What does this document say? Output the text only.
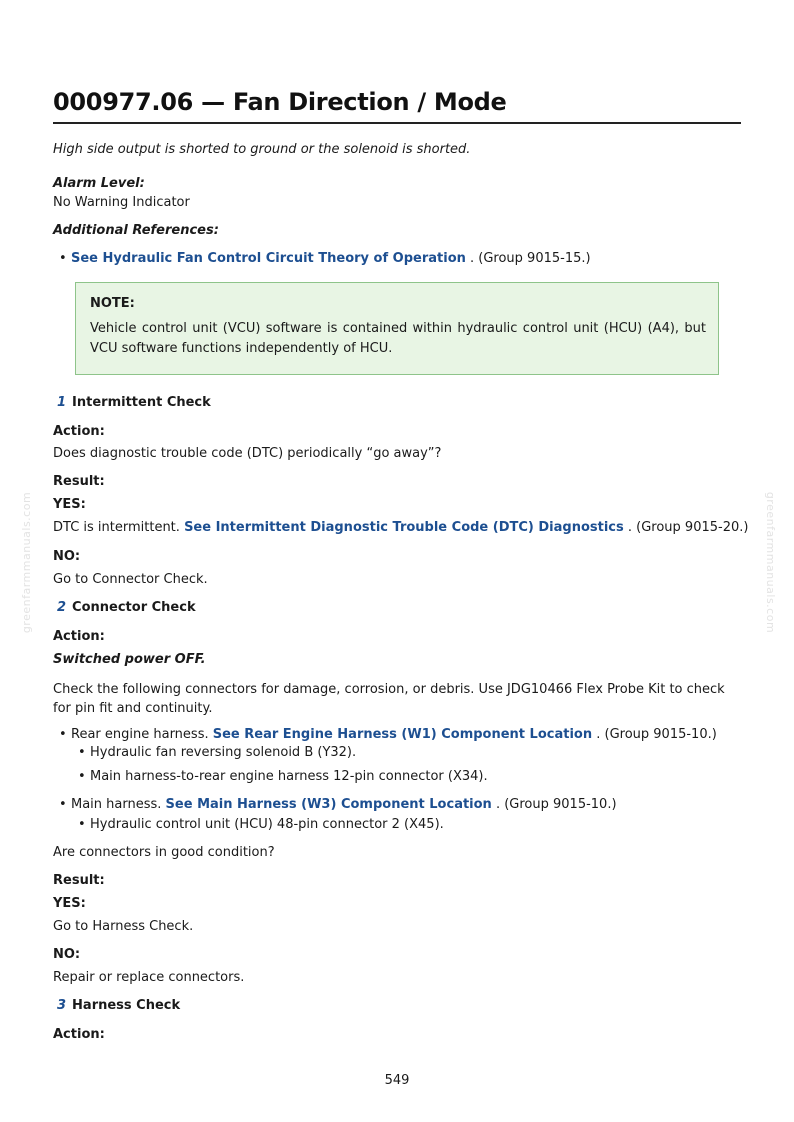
greenfarmmanuals.com	greenfarmmanuals.com
000977.06 — Fan Direction / Mode
High side output is shorted to ground or the solenoid is shorted.
Alarm Level:
No Warning Indicator
Additional References:
• See Hydraulic Fan Control Circuit Theory of Operation . (Group 9015-15.)
NOTE:
Vehicle control unit (VCU) software is contained within hydraulic control unit (HCU) (A4), but VCU software functions independently of HCU.
1 Intermittent Check
Action:
Does diagnostic trouble code (DTC) periodically “go away”?
Result:
YES:
DTC is intermittent. See Intermittent Diagnostic Trouble Code (DTC) Diagnostics . (Group 9015-20.)
NO:
Go to Connector Check.
2 Connector Check
Action:
Switched power OFF.
Check the following connectors for damage, corrosion, or debris. Use JDG10466 Flex Probe Kit to check for pin fit and continuity.
• Rear engine harness. See Rear Engine Harness (W1) Component Location . (Group 9015-10.)
• Hydraulic fan reversing solenoid B (Y32).
• Main harness-to-rear engine harness 12-pin connector (X34).
• Main harness. See Main Harness (W3) Component Location . (Group 9015-10.)
• Hydraulic control unit (HCU) 48-pin connector 2 (X45).
Are connectors in good condition?
Result:
YES:
Go to Harness Check.
NO:
Repair or replace connectors.
3 Harness Check
Action:
549
